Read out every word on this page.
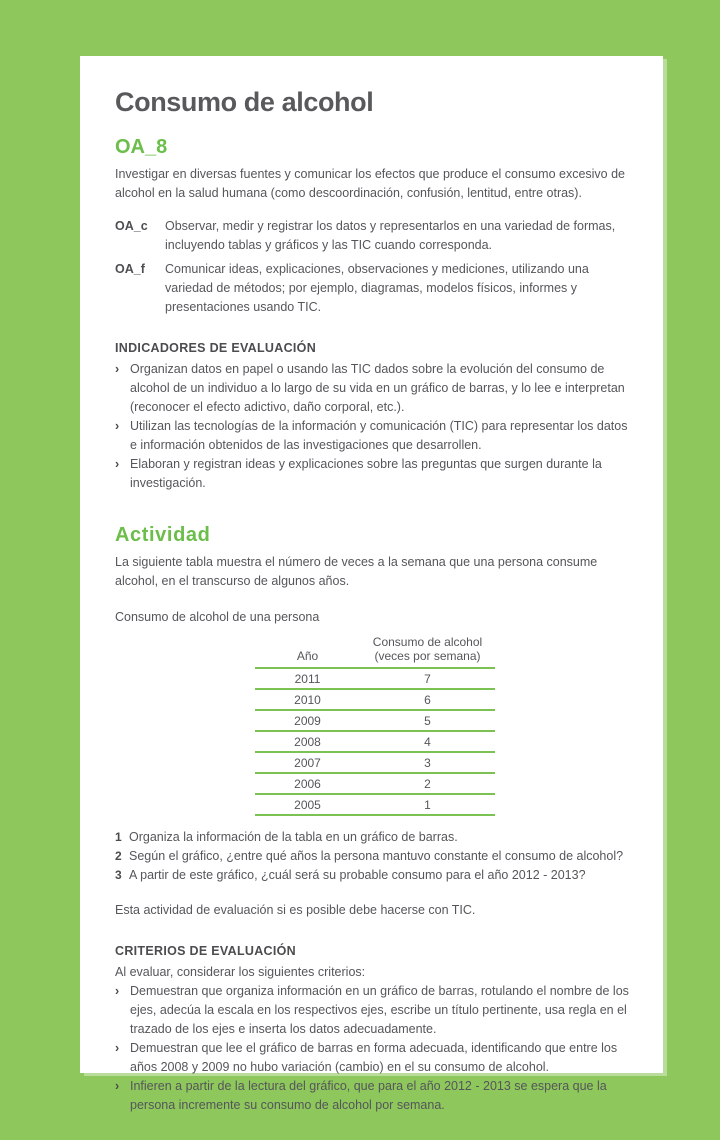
Consumo de alcohol
OA_8

Investigar en diversas fuentes y comunicar los efectos que produce el consumo excesivo de alcohol en la salud humana (como descoordinación, confusión, lentitud, entre otras).

OA_c	Observar, medir y registrar los datos y representarlos en una variedad de formas, incluyendo tablas y gráficos y las TIC cuando corresponda.
OA_f	Comunicar ideas, explicaciones, observaciones y mediciones, utilizando una variedad de métodos; por ejemplo, diagramas, modelos físicos, informes y presentaciones usando TIC.
INDICADORES DE EVALUACIÓN
› Organizan datos en papel o usando las TIC dados sobre la evolución del consumo de alcohol de un individuo a lo largo de su vida en un gráfico de barras, y lo lee e interpretan (reconocer el efecto adictivo, daño corporal, etc.).
› Utilizan las tecnologías de la información y comunicación (TIC) para representar los datos e información obtenidos de las investigaciones que desarrollen.
› Elaboran y registran ideas y explicaciones sobre las preguntas que surgen durante la investigación.
Actividad

La siguiente tabla muestra el número de veces a la semana que una persona consume alcohol, en el transcurso de algunos años.

Consumo de alcohol de una persona

Año	Consumo de alcohol
(veces por semana)

2011	7
2010	6
2009	5
2008	4
2007	3
2006	2
2005	1
1 Organiza la información de la tabla en un gráfico de barras.
2 Según el gráfico, ¿entre qué años la persona mantuvo constante el consumo de alcohol?
3 A partir de este gráfico, ¿cuál será su probable consumo para el año 2012 - 2013?

Esta actividad de evaluación si es posible debe hacerse con TIC.

CRITERIOS DE EVALUACIÓN

Al evaluar, considerar los siguientes criterios:

› Demuestran que organiza información en un gráfico de barras, rotulando el nombre de los ejes, adecúa la escala en los respectivos ejes, escribe un título pertinente, usa regla en el trazado de los ejes e inserta los datos adecuadamente.
› Demuestran que lee el gráfico de barras en forma adecuada, identificando que entre los años 2008 y 2009 no hubo variación (cambio) en el su consumo de alcohol.
› Infieren a partir de la lectura del gráfico, que para el año 2012 - 2013 se espera que la persona incremente su consumo de alcohol por semana.
